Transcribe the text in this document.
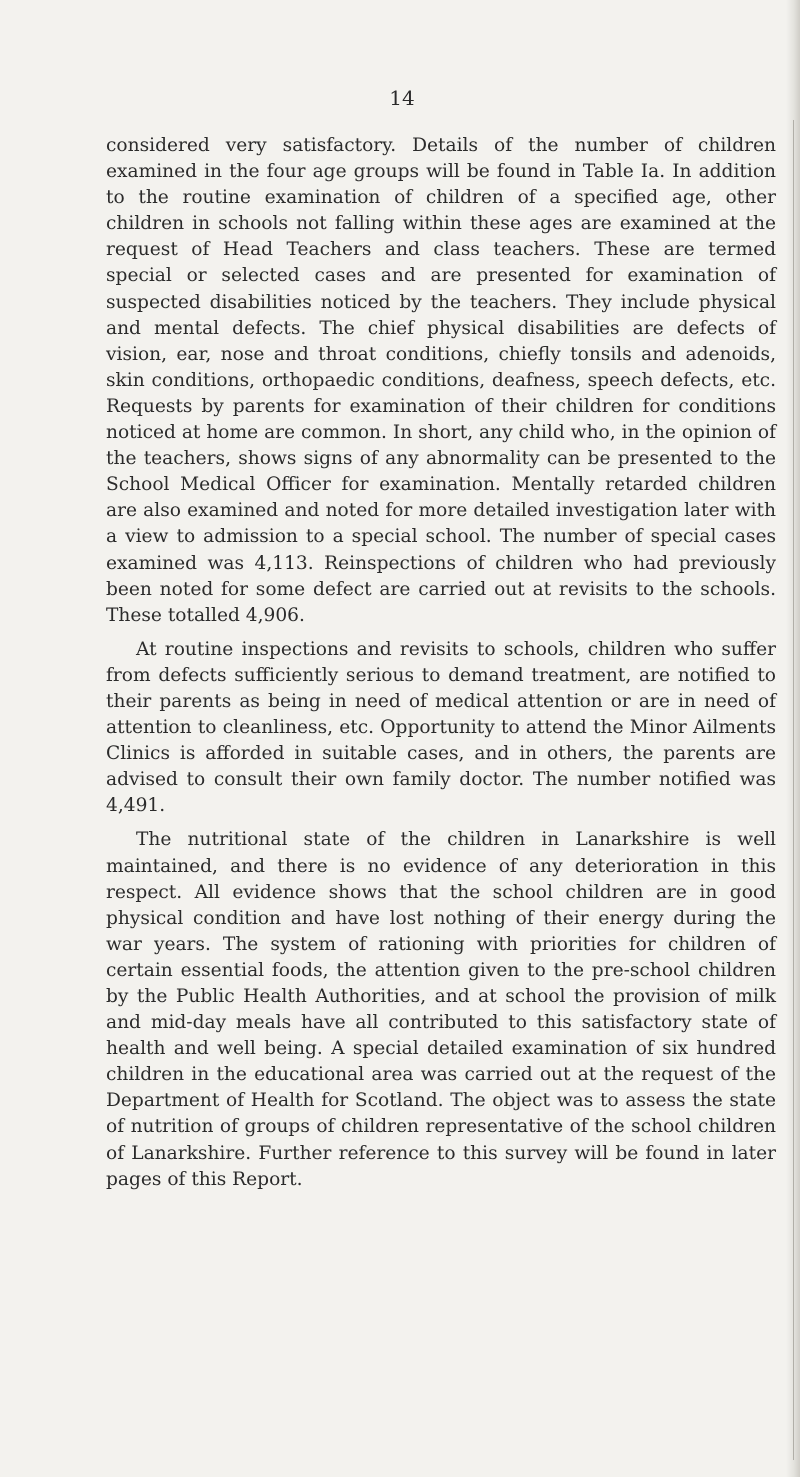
14

considered very satisfactory. Details of the number of children examined in the four age groups will be found in Table Ia. In addition to the routine examination of children of a specified age, other children in schools not falling within these ages are examined at the request of Head Teachers and class teachers. These are termed special or selected cases and are presented for examination of suspected disabilities noticed by the teachers. They include physical and mental defects. The chief physical disabilities are defects of vision, ear, nose and throat conditions, chiefly tonsils and adenoids, skin conditions, orthopaedic conditions, deafness, speech defects, etc. Requests by parents for examination of their children for conditions noticed at home are common. In short, any child who, in the opinion of the teachers, shows signs of any abnormality can be presented to the School Medical Officer for examination. Mentally retarded children are also examined and noted for more detailed investigation later with a view to admission to a special school. The number of special cases examined was 4,113. Reinspections of children who had previously been noted for some defect are carried out at revisits to the schools. These totalled 4,906.

At routine inspections and revisits to schools, children who suffer from defects sufficiently serious to demand treatment, are notified to their parents as being in need of medical attention or are in need of attention to cleanliness, etc. Opportunity to attend the Minor Ailments Clinics is afforded in suitable cases, and in others, the parents are advised to consult their own family doctor. The number notified was 4,491.

The nutritional state of the children in Lanarkshire is well maintained, and there is no evidence of any deterioration in this respect. All evidence shows that the school children are in good physical condition and have lost nothing of their energy during the war years. The system of rationing with priorities for children of certain essential foods, the attention given to the pre-school children by the Public Health Authorities, and at school the provision of milk and mid-day meals have all contributed to this satisfactory state of health and well being. A special detailed examination of six hundred children in the educational area was carried out at the request of the Department of Health for Scotland. The object was to assess the state of nutrition of groups of children representative of the school children of Lanarkshire. Further reference to this survey will be found in later pages of this Report.
